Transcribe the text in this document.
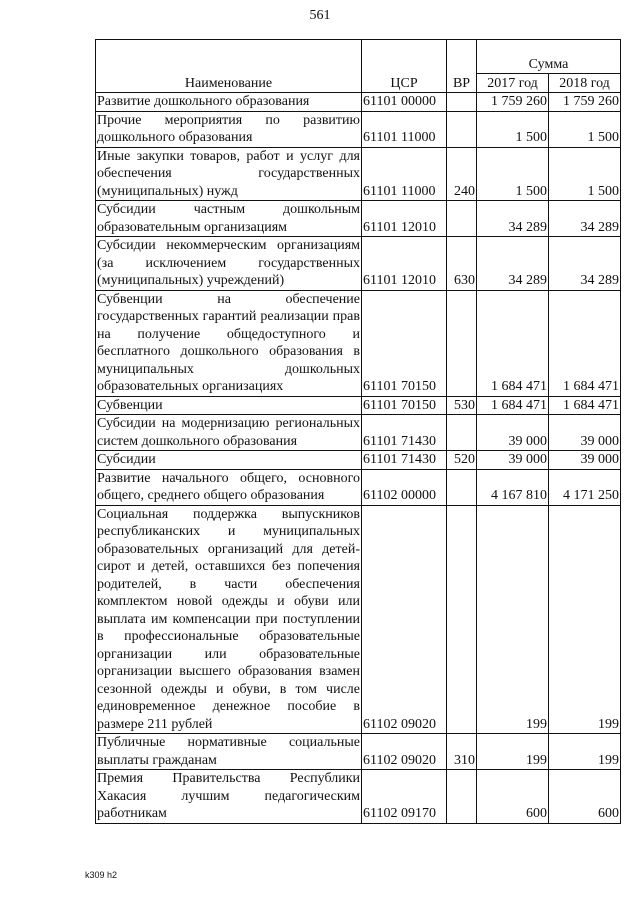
561
Наименование	ЦСР	ВР	Сумма	
			2017 год	2018 год
Развитие дошкольного образования	61101 00000		1 759 260	1 759 260
Прочие мероприятия по развитию дошкольного образования	61101 11000		1 500	1 500
Иные закупки товаров, работ и услуг для обеспечения государственных (муниципальных) нужд	61101 11000	240	1 500	1 500
Субсидии частным дошкольным образовательным организациям	61101 12010		34 289	34 289
Субсидии некоммерческим организациям (за исключением государственных (муниципальных) учреждений)	61101 12010	630	34 289	34 289
Субвенции на обеспечение государственных гарантий реализации прав на получение общедоступного и бесплатного дошкольного образования в муниципальных дошкольных образовательных организациях	61101 70150		1 684 471	1 684 471
Субвенции	61101 70150	530	1 684 471	1 684 471
Субсидии на модернизацию региональных систем дошкольного образования	61101 71430		39 000	39 000
Субсидии	61101 71430	520	39 000	39 000
Развитие начального общего, основного общего, среднего общего образования	61102 00000		4 167 810	4 171 250
Социальная поддержка выпускников республиканских и муниципальных образовательных организаций для детей-сирот и детей, оставшихся без попечения родителей, в части обеспечения комплектом новой одежды и обуви или выплата им компенсации при поступлении в профессиональные образовательные организации или образовательные организации высшего образования взамен сезонной одежды и обуви, в том числе единовременное денежное пособие в размере 211 рублей	61102 09020		199	199
Публичные нормативные социальные выплаты гражданам	61102 09020	310	199	199
Премия Правительства Республики Хакасия лучшим педагогическим работникам	61102 09170		600	600
k309 h2
